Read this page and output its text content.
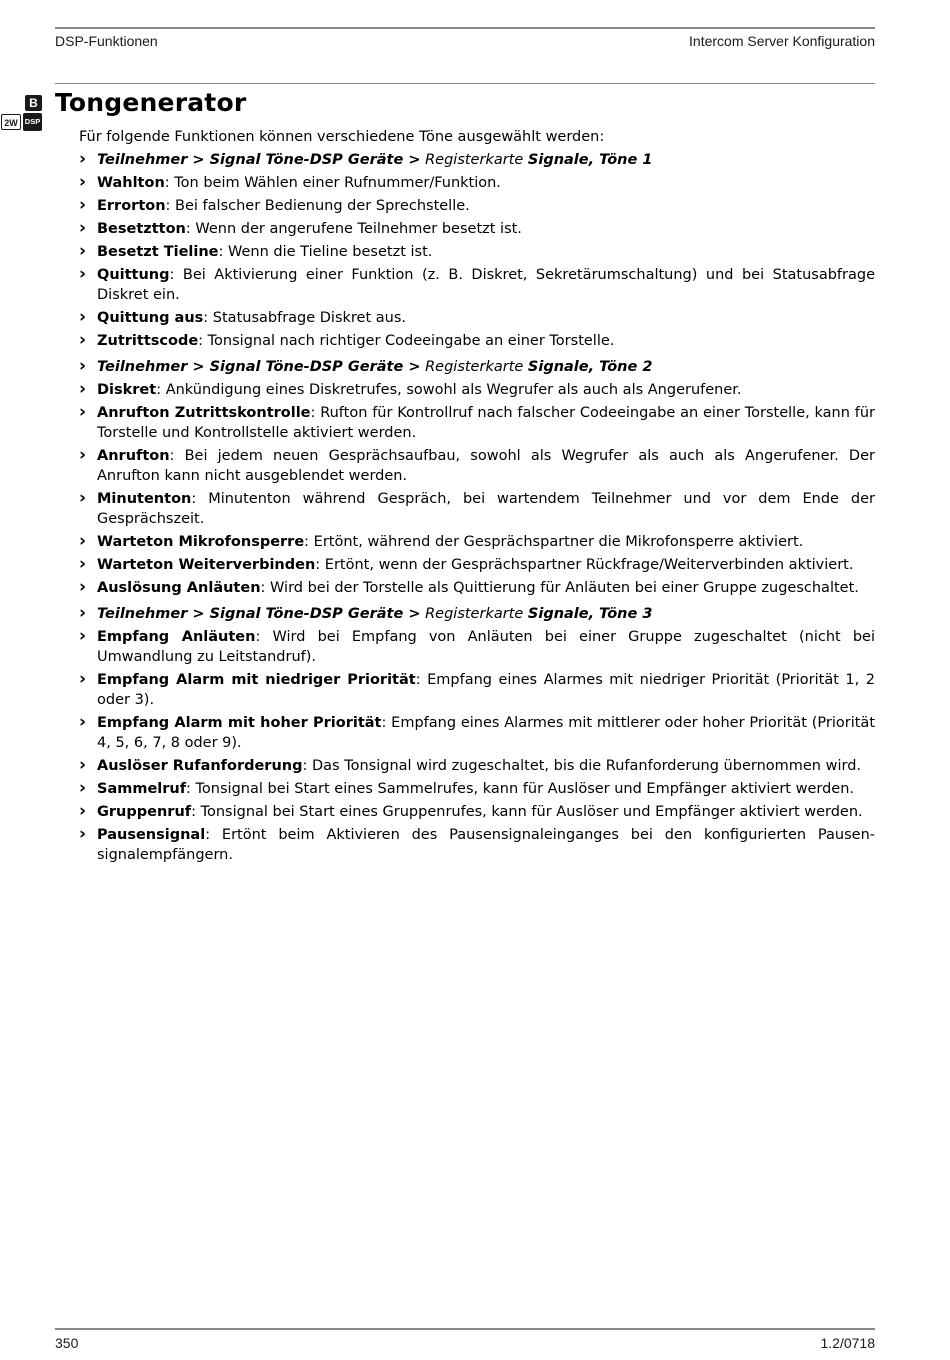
DSP-Funktionen	Intercom Server Konfiguration
B
2W DSP
Tongenerator

Für folgende Funktionen können verschiedene Töne ausgewählt werden:

› Teilnehmer > Signal Töne-DSP Geräte > Registerkarte Signale, Töne 1
› Wahlton: Ton beim Wählen einer Rufnummer/Funktion.
› Errorton: Bei falscher Bedienung der Sprechstelle.
› Besetztton: Wenn der angerufene Teilnehmer besetzt ist.
› Besetzt Tieline: Wenn die Tieline besetzt ist.
› Quittung: Bei Aktivierung einer Funktion (z. B. Diskret, Sekretärumschaltung) und bei Statusabfrage Diskret ein.
› Quittung aus: Statusabfrage Diskret aus.
› Zutrittscode: Tonsignal nach richtiger Codeeingabe an einer Torstelle.
› Teilnehmer > Signal Töne-DSP Geräte > Registerkarte Signale, Töne 2
› Diskret: Ankündigung eines Diskretrufes, sowohl als Wegrufer als auch als Angerufener.
› Anrufton Zutrittskontrolle: Rufton für Kontrollruf nach falscher Codeeingabe an einer Torstelle, kann für Torstelle und Kontrollstelle aktiviert werden.
› Anrufton: Bei jedem neuen Gesprächsaufbau, sowohl als Wegrufer als auch als Angerufener. Der Anrufton kann nicht ausgeblendet werden.
› Minutenton: Minutenton während Gespräch, bei wartendem Teilnehmer und vor dem Ende der Gesprächszeit.
› Warteton Mikrofonsperre: Ertönt, während der Gesprächspartner die Mikrofonsperre aktiviert.
› Warteton Weiterverbinden: Ertönt, wenn der Gesprächspartner Rückfrage/Weiterverbinden aktiviert.
› Auslösung Anläuten: Wird bei der Torstelle als Quittierung für Anläuten bei einer Gruppe zugeschaltet.
› Teilnehmer > Signal Töne-DSP Geräte > Registerkarte Signale, Töne 3
› Empfang Anläuten: Wird bei Empfang von Anläuten bei einer Gruppe zugeschaltet (nicht bei Umwandlung zu Leitstandruf).
› Empfang Alarm mit niedriger Priorität: Empfang eines Alarmes mit niedriger Priorität (Priorität 1, 2 oder 3).
› Empfang Alarm mit hoher Priorität: Empfang eines Alarmes mit mittlerer oder hoher Priorität (Priorität 4, 5, 6, 7, 8 oder 9).
› Auslöser Rufanforderung: Das Tonsignal wird zugeschaltet, bis die Rufanforderung übernommen wird.
› Sammelruf: Tonsignal bei Start eines Sammelrufes, kann für Auslöser und Empfänger aktiviert werden.
› Gruppenruf: Tonsignal bei Start eines Gruppenrufes, kann für Auslöser und Empfänger aktiviert werden.
› Pausensignal: Ertönt beim Aktivieren des Pausensignaleinganges bei den konfigurierten Pausensignalempfängern.
350	1.2/0718
